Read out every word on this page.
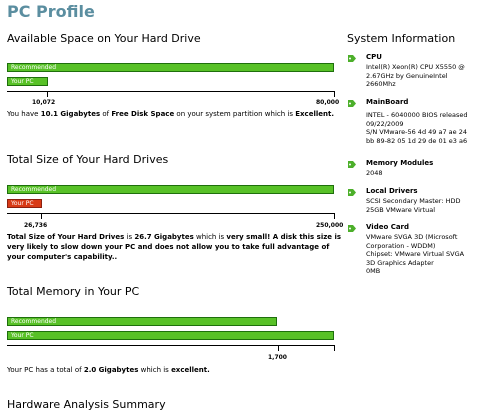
PC Profile
Available Space on Your Hard Drive
Recommended
Your PC
10,072	80,000
You have 10.1 Gigabytes of Free Disk Space on your system partition which is Excellent.
Total Size of Your Hard Drives
Recommended
Your PC
26,736	250,000
Total Size of Your Hard Drives is 26.7 Gigabytes which is very small! A disk this size is very likely to slow down your PC and does not allow you to take full advantage of your computer's capability..
Total Memory in Your PC
Recommended
Your PC
1,700
Your PC has a total of 2.0 Gigabytes which is excellent.
Hardware Analysis Summary
System Information
CPU
Intel(R) Xeon(R) CPU X5550 @
2.67GHz by GenuineIntel
2660Mhz
MainBoard
INTEL - 6040000 BIOS released
09/22/2009
S/N VMware-56 4d 49 a7 ae 24
bb 89-82 05 1d 29 de 01 e3 a6
Memory Modules
2048
Local Drivers
SCSI Secondary Master: HDD
25GB VMware Virtual
Video Card
VMware SVGA 3D (Microsoft
Corporation - WDDM)
Chipset: VMware Virtual SVGA
3D Graphics Adapter
0MB
